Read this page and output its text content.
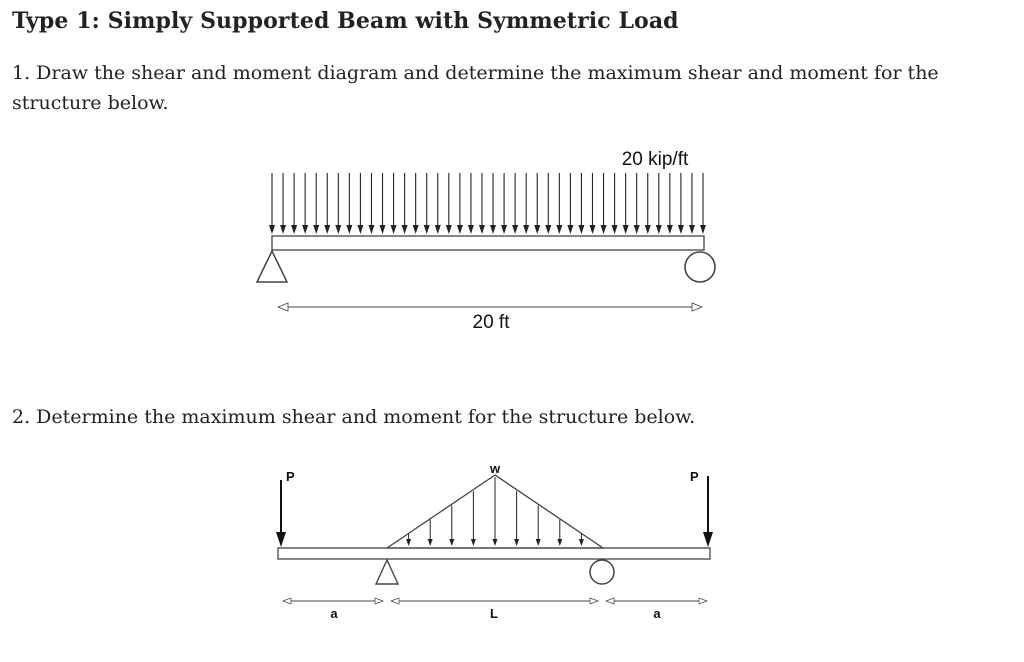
Type 1: Simply Supported Beam with Symmetric Load
1. Draw the shear and moment diagram and determine the maximum shear and moment for the structure below.
2. Determine the maximum shear and moment for the structure below.
20 kip/ft
20 ft
P	P
w
a	L	a
